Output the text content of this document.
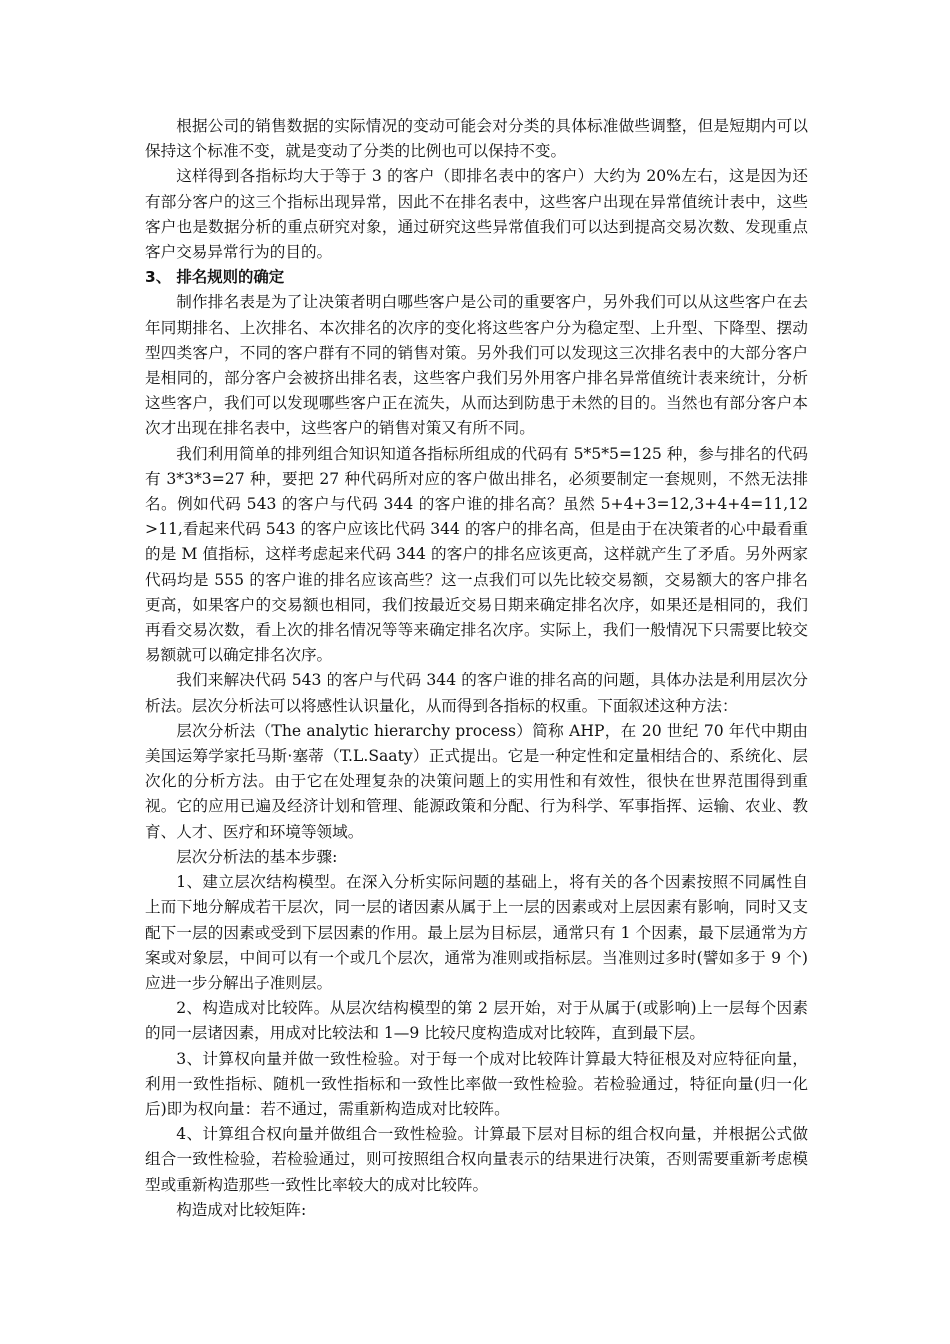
根据公司的销售数据的实际情况的变动可能会对分类的具体标准做些调整，但是短期内可以保持这个标准不变，就是变动了分类的比例也可以保持不变。

这样得到各指标均大于等于 3 的客户（即排名表中的客户）大约为 20%左右，这是因为还有部分客户的这三个指标出现异常，因此不在排名表中，这些客户出现在异常值统计表中，这些客户也是数据分析的重点研究对象，通过研究这些异常值我们可以达到提高交易次数、发现重点客户交易异常行为的目的。

3、 排名规则的确定

制作排名表是为了让决策者明白哪些客户是公司的重要客户，另外我们可以从这些客户在去年同期排名、上次排名、本次排名的次序的变化将这些客户分为稳定型、上升型、下降型、摆动型四类客户，不同的客户群有不同的销售对策。另外我们可以发现这三次排名表中的大部分客户是相同的，部分客户会被挤出排名表，这些客户我们另外用客户排名异常值统计表来统计，分析这些客户，我们可以发现哪些客户正在流失，从而达到防患于未然的目的。当然也有部分客户本次才出现在排名表中，这些客户的销售对策又有所不同。

我们利用简单的排列组合知识知道各指标所组成的代码有 5*5*5=125 种，参与排名的代码有 3*3*3=27 种，要把 27 种代码所对应的客户做出排名，必须要制定一套规则，不然无法排名。例如代码 543 的客户与代码 344 的客户谁的排名高？虽然 5+4+3=12,3+4+4=11,12>11,看起来代码 543 的客户应该比代码 344 的客户的排名高，但是由于在决策者的心中最看重的是 M 值指标，这样考虑起来代码 344 的客户的排名应该更高，这样就产生了矛盾。另外两家代码均是 555 的客户谁的排名应该高些？这一点我们可以先比较交易额，交易额大的客户排名更高，如果客户的交易额也相同，我们按最近交易日期来确定排名次序，如果还是相同的，我们再看交易次数，看上次的排名情况等等来确定排名次序。实际上，我们一般情况下只需要比较交易额就可以确定排名次序。

我们来解决代码 543 的客户与代码 344 的客户谁的排名高的问题，具体办法是利用层次分析法。层次分析法可以将感性认识量化，从而得到各指标的权重。下面叙述这种方法：

层次分析法（The analytic hierarchy process）简称 AHP，在 20 世纪 70 年代中期由美国运筹学家托马斯·塞蒂（T.L.Saaty）正式提出。它是一种定性和定量相结合的、系统化、层次化的分析方法。由于它在处理复杂的决策问题上的实用性和有效性，很快在世界范围得到重视。它的应用已遍及经济计划和管理、能源政策和分配、行为科学、军事指挥、运输、农业、教育、人才、医疗和环境等领域。

层次分析法的基本步骤:

1、建立层次结构模型。在深入分析实际问题的基础上，将有关的各个因素按照不同属性自上而下地分解成若干层次，同一层的诸因素从属于上一层的因素或对上层因素有影响，同时又支配下一层的因素或受到下层因素的作用。最上层为目标层，通常只有 1 个因素，最下层通常为方案或对象层，中间可以有一个或几个层次，通常为准则或指标层。当准则过多时(譬如多于 9 个)应进一步分解出子准则层。

2、构造成对比较阵。从层次结构模型的第 2 层开始，对于从属于(或影响)上一层每个因素的同一层诸因素，用成对比较法和 1—9 比较尺度构造成对比较阵，直到最下层。

3、计算权向量并做一致性检验。对于每一个成对比较阵计算最大特征根及对应特征向量，利用一致性指标、随机一致性指标和一致性比率做一致性检验。若检验通过，特征向量(归一化后)即为权向量：若不通过，需重新构造成对比较阵。

4、计算组合权向量并做组合一致性检验。计算最下层对目标的组合权向量，并根据公式做组合一致性检验，若检验通过，则可按照组合权向量表示的结果进行决策，否则需要重新考虑模型或重新构造那些一致性比率较大的成对比较阵。

构造成对比较矩阵:
